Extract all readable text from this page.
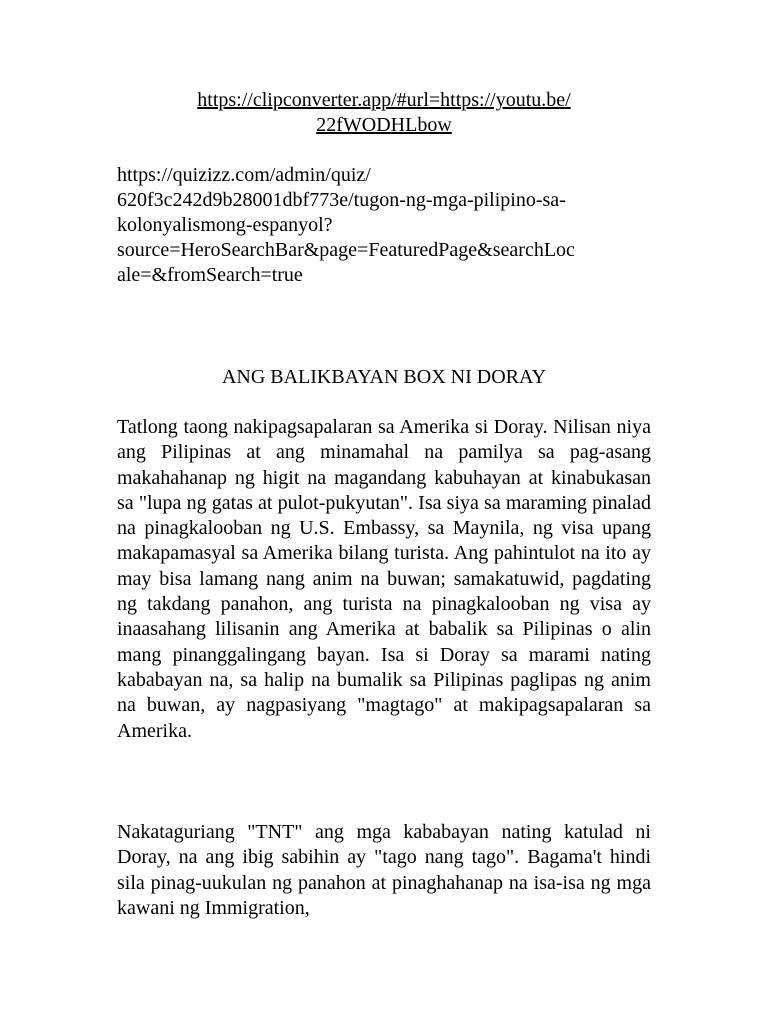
https://clipconverter.app/#url=https://youtu.be/
22fWODHLbow
https://quizizz.com/admin/quiz/
620f3c242d9b28001dbf773e/tugon-ng-mga-pilipino-sa-
kolonyalismong-espanyol?
source=HeroSearchBar&page=FeaturedPage&searchLoc
ale=&fromSearch=true
ANG BALIKBAYAN BOX NI DORAY

Tatlong taong nakipagsapalaran sa Amerika si Doray. Nilisan niya ang Pilipinas at ang minamahal na pamilya sa pag-asang makahahanap ng higit na magandang kabuhayan at kinabukasan sa "lupa ng gatas at pulot-pukyutan". Isa siya sa maraming pinalad na pinagkalooban ng U.S. Embassy, sa Maynila, ng visa upang makapamasyal sa Amerika bilang turista. Ang pahintulot na ito ay may bisa lamang nang anim na buwan; samakatuwid, pagdating ng takdang panahon, ang turista na pinagkalooban ng visa ay inaasahang lilisanin ang Amerika at babalik sa Pilipinas o alin mang pinanggalingang bayan. Isa si Doray sa marami nating kababayan na, sa halip na bumalik sa Pilipinas paglipas ng anim na buwan, ay nagpasiyang "magtago" at makipagsapalaran sa Amerika.

Nakataguriang "TNT" ang mga kababayan nating katulad ni Doray, na ang ibig sabihin ay "tago nang tago". Bagama't hindi sila pinag-uukulan ng panahon at pinaghahanap na isa-isa ng mga kawani ng Immigration,
